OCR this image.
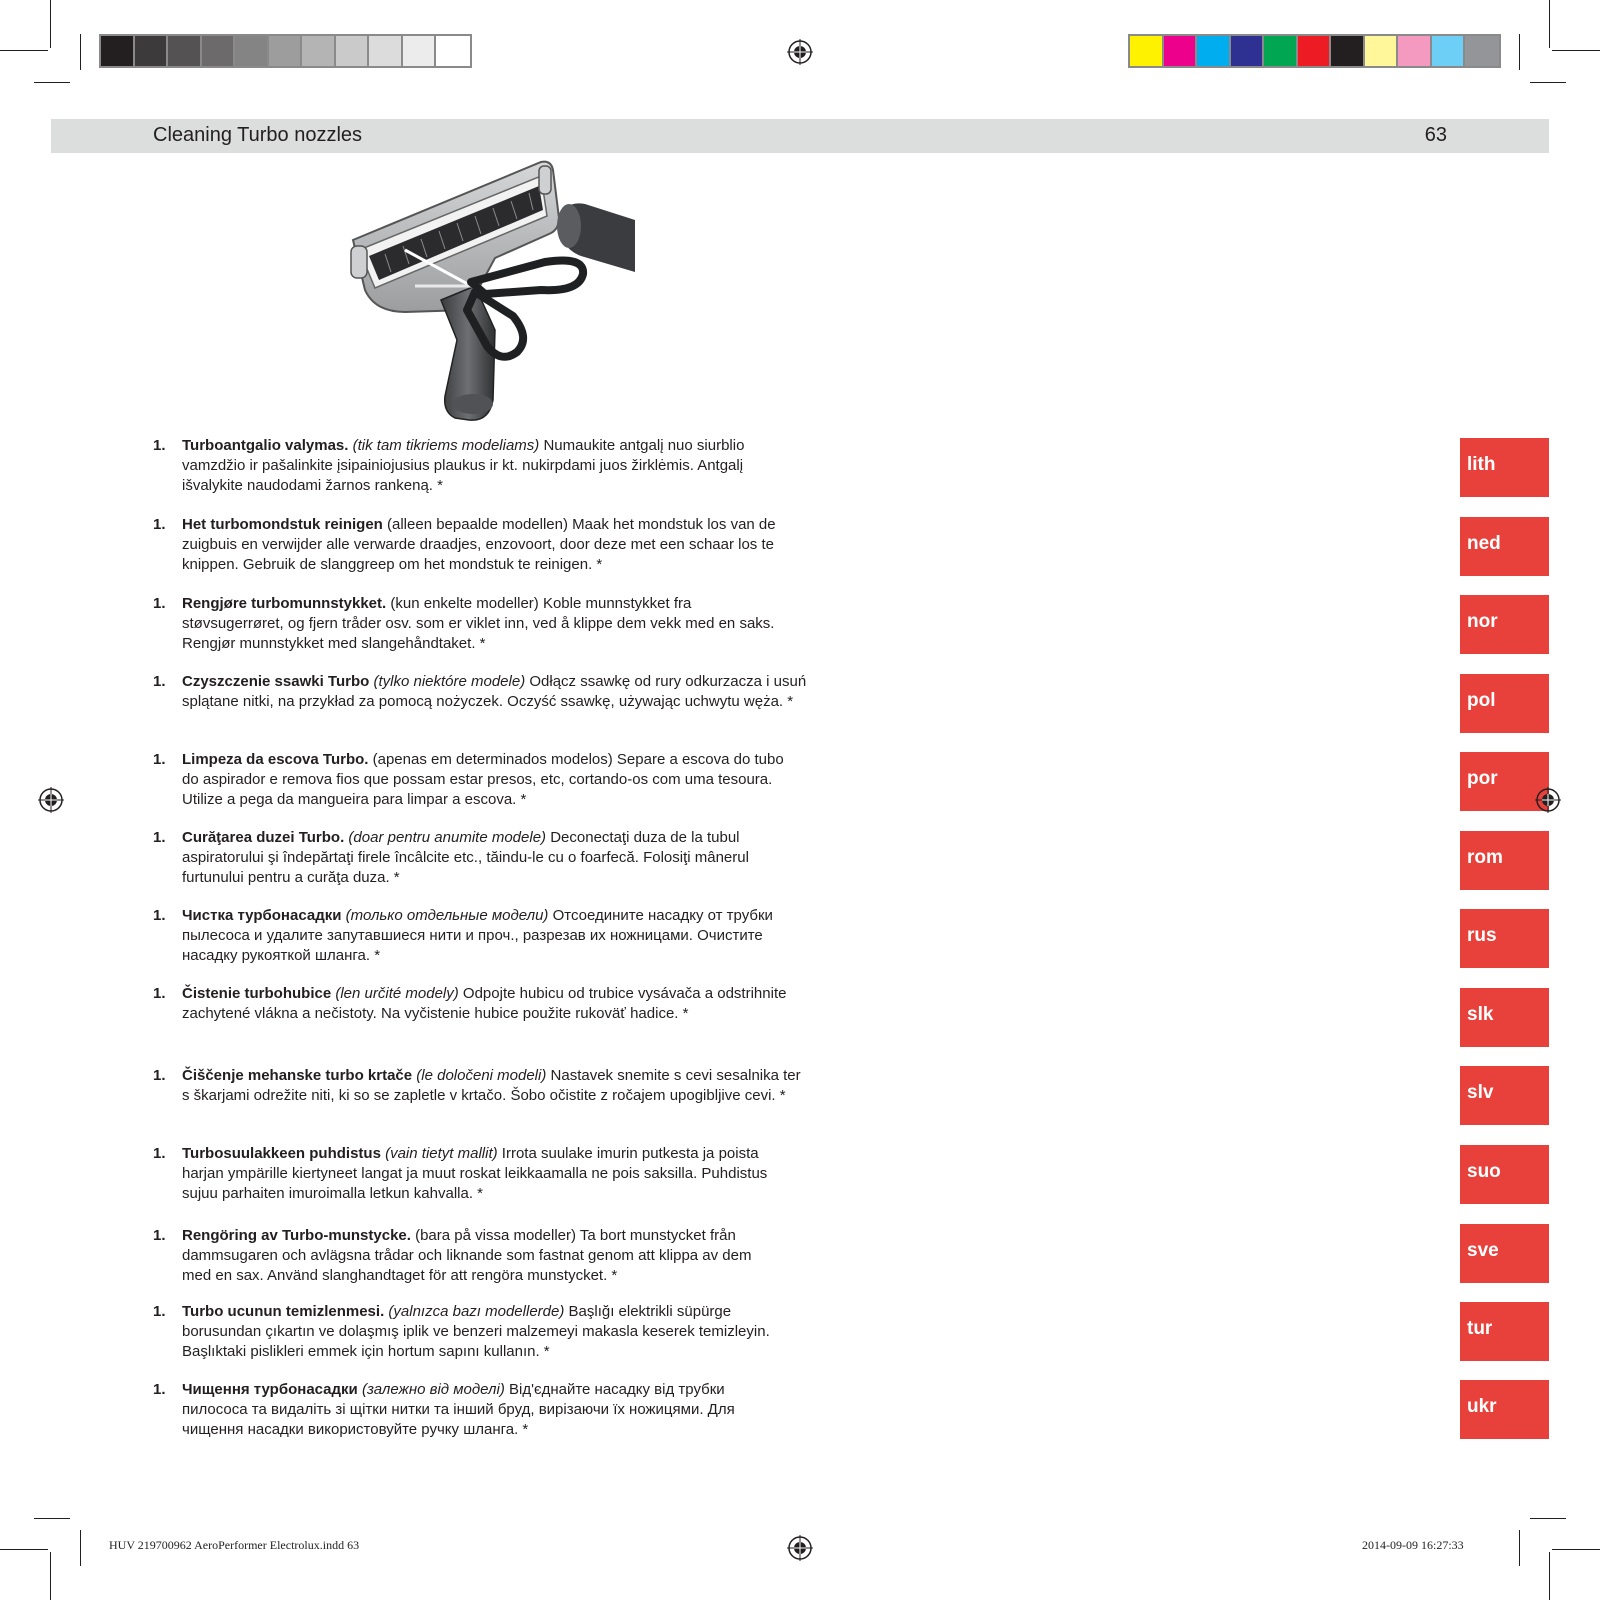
Cleaning Turbo nozzles	63
1. Turboantgalio valymas. (tik tam tikriems modeliams) Numaukite antgalį nuo siurblio
vamzdžio ir pašalinkite įsipainiojusius plaukus ir kt. nukirpdami juos žirklėmis. Antgalį
išvalykite naudodami žarnos rankeną. *
1. Het turbomondstuk reinigen (alleen bepaalde modellen) Maak het mondstuk los van de
zuigbuis en verwijder alle verwarde draadjes, enzovoort, door deze met een schaar los te
knippen. Gebruik de slanggreep om het mondstuk te reinigen. *
1. Rengjøre turbomunnstykket. (kun enkelte modeller) Koble munnstykket fra
støvsugerrøret, og fjern tråder osv. som er viklet inn, ved å klippe dem vekk med en saks.
Rengjør munnstykket med slangehåndtaket. *
1. Czyszczenie ssawki Turbo (tylko niektóre modele) Odłącz ssawkę od rury odkurzacza i usuń
splątane nitki, na przykład za pomocą nożyczek. Oczyść ssawkę, używając uchwytu węża. *
1. Limpeza da escova Turbo. (apenas em determinados modelos) Separe a escova do tubo
do aspirador e remova fios que possam estar presos, etc, cortando-os com uma tesoura.
Utilize a pega da mangueira para limpar a escova. *
1. Curăţarea duzei Turbo. (doar pentru anumite modele) Deconectaţi duza de la tubul
aspiratorului şi îndepărtaţi firele încâlcite etc., tăindu-le cu o foarfecă. Folosiţi mânerul
furtunului pentru a curăţa duza. *
1. Чистка турбонасадки (только отдельные модели) Отсоедините насадку от трубки
пылесоса и удалите запутавшиеся нити и проч., разрезав их ножницами. Очистите
насадку рукояткой шланга. *
1. Čistenie turbohubice (len určité modely) Odpojte hubicu od trubice vysávača a odstrihnite
zachytené vlákna a nečistoty. Na vyčistenie hubice použite rukoväť hadice. *
1. Čiščenje mehanske turbo krtače (le določeni modeli) Nastavek snemite s cevi sesalnika ter
s škarjami odrežite niti, ki so se zapletle v krtačo. Šobo očistite z ročajem upogibljive cevi. *
1. Turbosuulakkeen puhdistus (vain tietyt mallit) Irrota suulake imurin putkesta ja poista
harjan ympärille kiertyneet langat ja muut roskat leikkaamalla ne pois saksilla. Puhdistus
sujuu parhaiten imuroimalla letkun kahvalla. *
1. Rengöring av Turbo-munstycke. (bara på vissa modeller) Ta bort munstycket från
dammsugaren och avlägsna trådar och liknande som fastnat genom att klippa av dem
med en sax. Använd slanghandtaget för att rengöra munstycket. *
1. Turbo ucunun temizlenmesi. (yalnızca bazı modellerde) Başlığı elektrikli süpürge
borusundan çıkartın ve dolaşmış iplik ve benzeri malzemeyi makasla keserek temizleyin.
Başlıktaki pislikleri emmek için hortum sapını kullanın. *
1. Чищення турбонасадки (залежно від моделі) Від'єднайте насадку від трубки
пилососа та видаліть зі щітки нитки та інший бруд, вирізаючи їх ножицями. Для
чищення насадки використовуйте ручку шланга. *
lith
ned
nor
pol
por
rom
rus
slk
slv
suo
sve
tur
ukr
HUV 219700962 AeroPerformer Electrolux.indd 63	2014-09-09 16:27:33
